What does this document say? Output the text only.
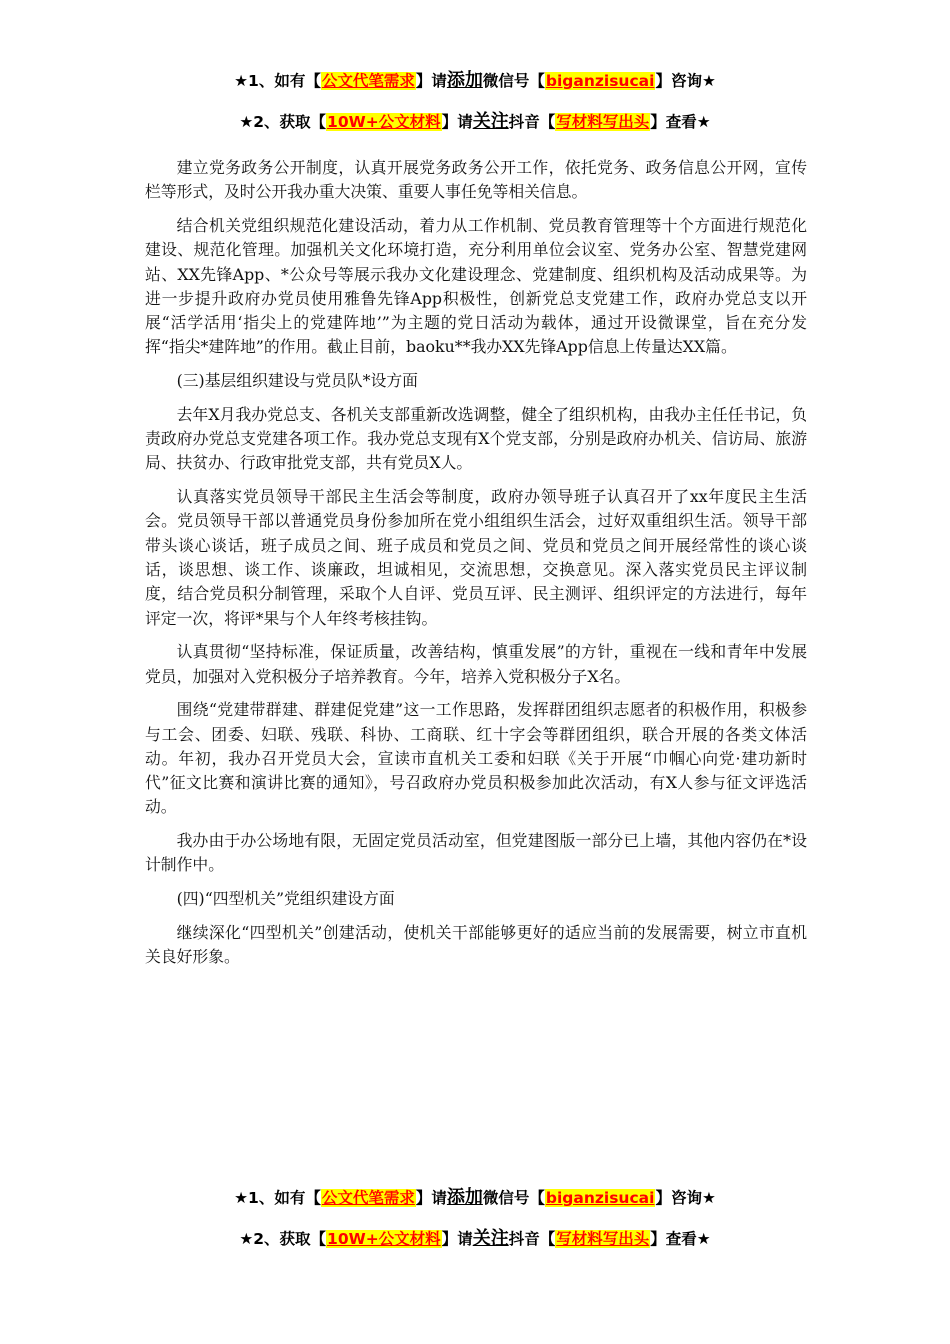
★1、如有【公文代笔需求】请添加微信号【biganzisucai】咨询★
★2、获取【10W+公文材料】请关注抖音【写材料写出头】查看★

建立党务政务公开制度，认真开展党务政务公开工作，依托党务、政务信息公开网，宣传栏等形式，及时公开我办重大决策、重要人事任免等相关信息。

结合机关党组织规范化建设活动，着力从工作机制、党员教育管理等十个方面进行规范化建设、规范化管理。加强机关文化环境打造，充分利用单位会议室、党务办公室、智慧党建网站、XX先锋App、*公众号等展示我办文化建设理念、党建制度、组织机构及活动成果等。为进一步提升政府办党员使用雅鲁先锋App积极性，创新党总支党建工作，政府办党总支以开展“活学活用‘指尖上的党建阵地’”为主题的党日活动为载体，通过开设微课堂，旨在充分发挥“指尖*建阵地”的作用。截止目前，baoku**我办XX先锋App信息上传量达XX篇。

(三)基层组织建设与党员队*设方面

去年X月我办党总支、各机关支部重新改选调整，健全了组织机构，由我办主任任书记，负责政府办党总支党建各项工作。我办党总支现有X个党支部，分别是政府办机关、信访局、旅游局、扶贫办、行政审批党支部，共有党员X人。

认真落实党员领导干部民主生活会等制度，政府办领导班子认真召开了xx年度民主生活会。党员领导干部以普通党员身份参加所在党小组组织生活会，过好双重组织生活。领导干部带头谈心谈话，班子成员之间、班子成员和党员之间、党员和党员之间开展经常性的谈心谈话，谈思想、谈工作、谈廉政，坦诚相见，交流思想，交换意见。深入落实党员民主评议制度，结合党员积分制管理，采取个人自评、党员互评、民主测评、组织评定的方法进行，每年评定一次，将评*果与个人年终考核挂钩。

认真贯彻“坚持标准，保证质量，改善结构，慎重发展”的方针，重视在一线和青年中发展党员，加强对入党积极分子培养教育。今年，培养入党积极分子X名。

围绕“党建带群建、群建促党建”这一工作思路，发挥群团组织志愿者的积极作用，积极参与工会、团委、妇联、残联、科协、工商联、红十字会等群团组织，联合开展的各类文体活动。年初，我办召开党员大会，宣读市直机关工委和妇联《关于开展“巾帼心向党·建功新时代”征文比赛和演讲比赛的通知》，号召政府办党员积极参加此次活动，有X人参与征文评选活动。

我办由于办公场地有限，无固定党员活动室，但党建图版一部分已上墙，其他内容仍在*设计制作中。

(四)“四型机关”党组织建设方面

继续深化“四型机关”创建活动，使机关干部能够更好的适应当前的发展需要，树立市直机关良好形象。

★1、如有【公文代笔需求】请添加微信号【biganzisucai】咨询★
★2、获取【10W+公文材料】请关注抖音【写材料写出头】查看★
